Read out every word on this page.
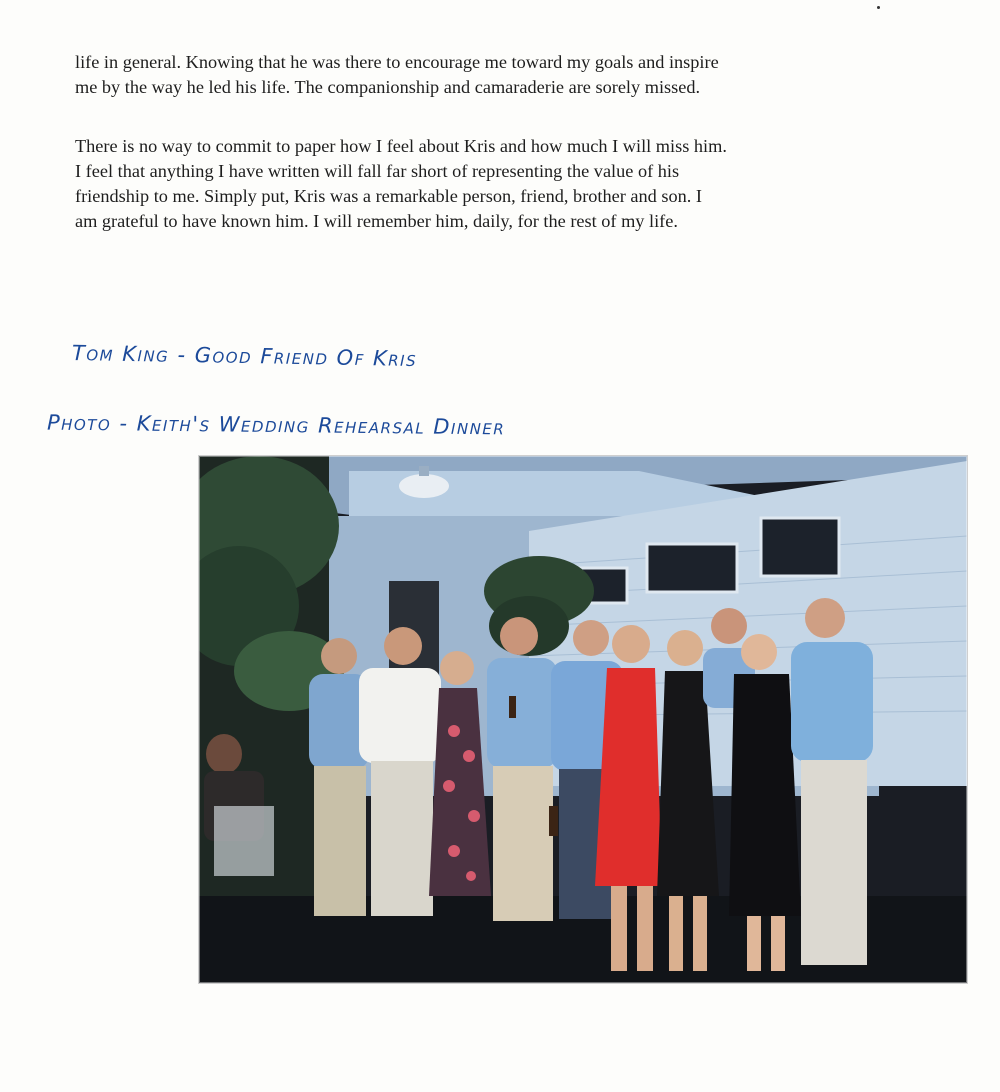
life in general. Knowing that he was there to encourage me toward my goals and inspire
me by the way he led his life. The companionship and camaraderie are sorely missed.

There is no way to commit to paper how I feel about Kris and how much I will miss him.
I feel that anything I have written will fall far short of representing the value of his
friendship to me. Simply put, Kris was a remarkable person, friend, brother and son. I
am grateful to have known him. I will remember him, daily, for the rest of my life.

Tom King - Good Friend Of Kris
Photo - Keith's Wedding Rehearsal Dinner
